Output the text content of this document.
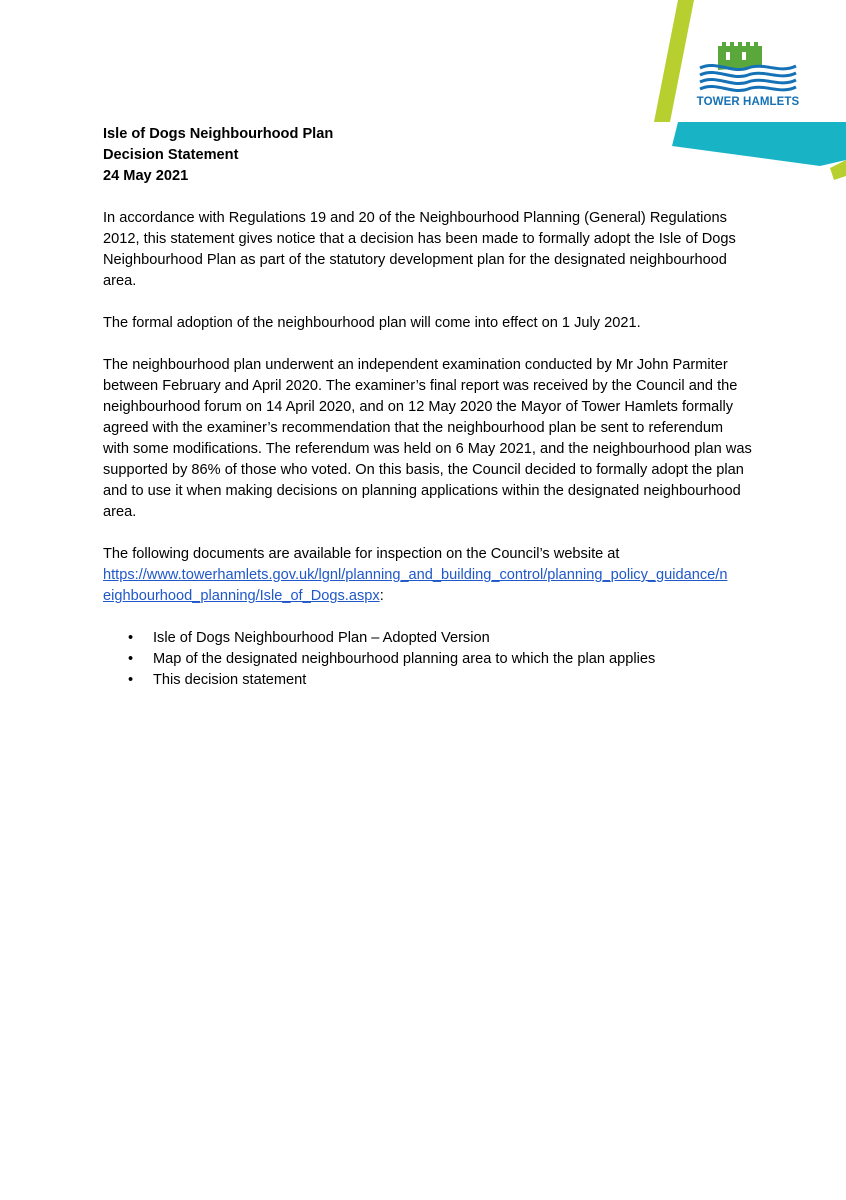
TOWER HAMLETS

Isle of Dogs Neighbourhood Plan
Decision Statement
24 May 2021

In accordance with Regulations 19 and 20 of the Neighbourhood Planning (General) Regulations 2012, this statement gives notice that a decision has been made to formally adopt the Isle of Dogs Neighbourhood Plan as part of the statutory development plan for the designated neighbourhood area.

The formal adoption of the neighbourhood plan will come into effect on 1 July 2021.

The neighbourhood plan underwent an independent examination conducted by Mr John Parmiter between February and April 2020. The examiner’s final report was received by the Council and the neighbourhood forum on 14 April 2020, and on 12 May 2020 the Mayor of Tower Hamlets formally agreed with the examiner’s recommendation that the neighbourhood plan be sent to referendum with some modifications. The referendum was held on 6 May 2021, and the neighbourhood plan was supported by 86% of those who voted. On this basis, the Council decided to formally adopt the plan and to use it when making decisions on planning applications within the designated neighbourhood area.

The following documents are available for inspection on the Council’s website at
https://www.towerhamlets.gov.uk/lgnl/planning_and_building_control/planning_policy_guidance/n
eighbourhood_planning/Isle_of_Dogs.aspx:

• Isle of Dogs Neighbourhood Plan – Adopted Version
• Map of the designated neighbourhood planning area to which the plan applies
• This decision statement
